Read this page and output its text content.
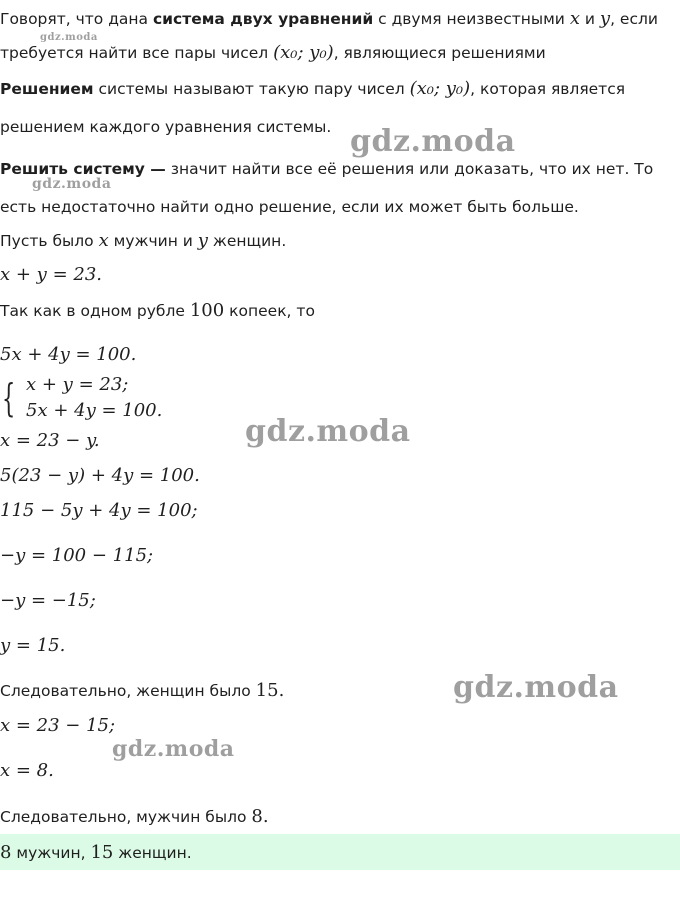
Говорят, что дана система двух уравнений с двумя неизвестными x и y, если
требуется найти все пары чисел (x₀; y₀), являющиеся решениями
Решением системы называют такую пару чисел (x₀; y₀), которая является
решением каждого уравнения системы.
Решить систему — значит найти все её решения или доказать, что их нет. То
есть недостаточно найти одно решение, если их может быть больше.
Пусть было x мужчин и y женщин.
x + y = 23.
Так как в одном рубле 100 копеек, то
5x + 4y = 100.
{ x + y = 23;
5x + 4y = 100.
x = 23 − y.
5(23 − y) + 4y = 100.
115 − 5y + 4y = 100;
−y = 100 − 115;
−y = −15;
y = 15.
Следовательно, женщин было 15.
x = 23 − 15;
x = 8.
Следовательно, мужчин было 8.
8 мужчин, 15 женщин.
gdz.moda
gdz.moda
gdz.moda
gdz.moda
gdz.moda
gdz.moda
